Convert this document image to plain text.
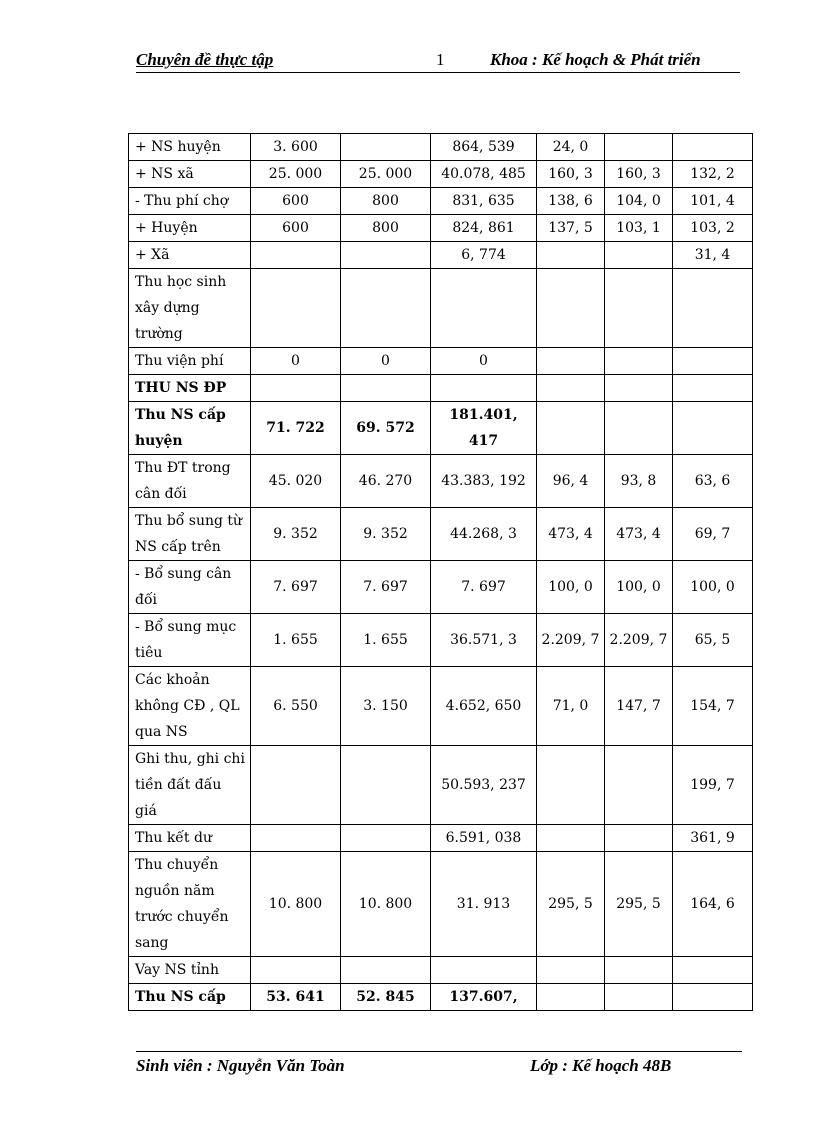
Chuyên đề thực tập	1	Khoa : Kế hoạch & Phát triển
+ NS huyện	3. 600		864, 539	24, 0		
+ NS xã	25. 000	25. 000	40.078, 485	160, 3	160, 3	132, 2
- Thu phí chợ	600	800	831, 635	138, 6	104, 0	101, 4
+ Huyện	600	800	824, 861	137, 5	103, 1	103, 2
+ Xã			6, 774			31, 4
Thu học sinh xây dựng trường						
Thu viện phí	0	0	0			
THU NS ĐP						
Thu NS cấp huyện	71. 722	69. 572	181.401, 417			
Thu ĐT trong cân đối	45. 020	46. 270	43.383, 192	96, 4	93, 8	63, 6
Thu bổ sung từ NS cấp trên	9. 352	9. 352	44.268, 3	473, 4	473, 4	69, 7
- Bổ sung cân đối	7. 697	7. 697	7. 697	100, 0	100, 0	100, 0
- Bổ sung mục tiêu	1. 655	1. 655	36.571, 3	2.209, 7	2.209, 7	65, 5
Các khoản không CĐ , QL qua NS	6. 550	3. 150	4.652, 650	71, 0	147, 7	154, 7
Ghi thu, ghi chi tiền đất đấu giá			50.593, 237			199, 7
Thu kết dư			6.591, 038			361, 9
Thu chuyển nguồn năm trước chuyển sang	10. 800	10. 800	31. 913	295, 5	295, 5	164, 6
Vay NS tỉnh						
Thu NS cấp	53. 641	52. 845	137.607,			
Sinh viên : Nguyễn Văn Toàn	Lớp : Kế hoạch 48B
